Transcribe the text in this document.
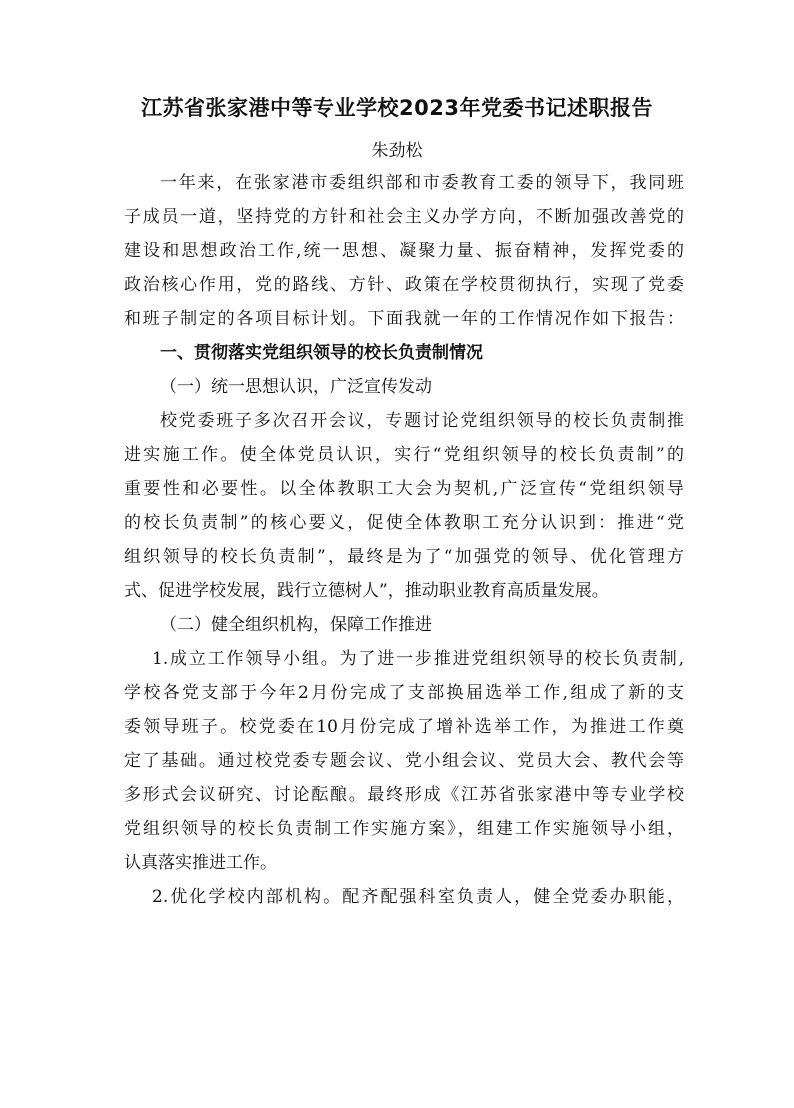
江苏省张家港中等专业学校2023年党委书记述职报告
朱劲松
一年来，在张家港市委组织部和市委教育工委的领导下，我同班
子成员一道，坚持党的方针和社会主义办学方向，不断加强改善党的
建设和思想政治工作,统一思想、凝聚力量、振奋精神，发挥党委的
政治核心作用，党的路线、方针、政策在学校贯彻执行，实现了党委
和班子制定的各项目标计划。下面我就一年的工作情况作如下报告：
一、贯彻落实党组织领导的校长负责制情况
（一）统一思想认识，广泛宣传发动
校党委班子多次召开会议，专题讨论党组织领导的校长负责制推
进实施工作。使全体党员认识，实行“党组织领导的校长负责制”的
重要性和必要性。以全体教职工大会为契机,广泛宣传“党组织领导
的校长负责制”的核心要义，促使全体教职工充分认识到：推进“党
组织领导的校长负责制”，最终是为了“加强党的领导、优化管理方
式、促进学校发展，践行立德树人”，推动职业教育高质量发展。
（二）健全组织机构，保障工作推进
1.成立工作领导小组。为了进一步推进党组织领导的校长负责制,
学校各党支部于今年2月份完成了支部换届选举工作,组成了新的支
委领导班子。校党委在10月份完成了增补选举工作，为推进工作奠
定了基础。通过校党委专题会议、党小组会议、党员大会、教代会等
多形式会议研究、讨论酝酿。最终形成《江苏省张家港中等专业学校
党组织领导的校长负责制工作实施方案》，组建工作实施领导小组，
认真落实推进工作。
2.优化学校内部机构。配齐配强科室负责人，健全党委办职能，
